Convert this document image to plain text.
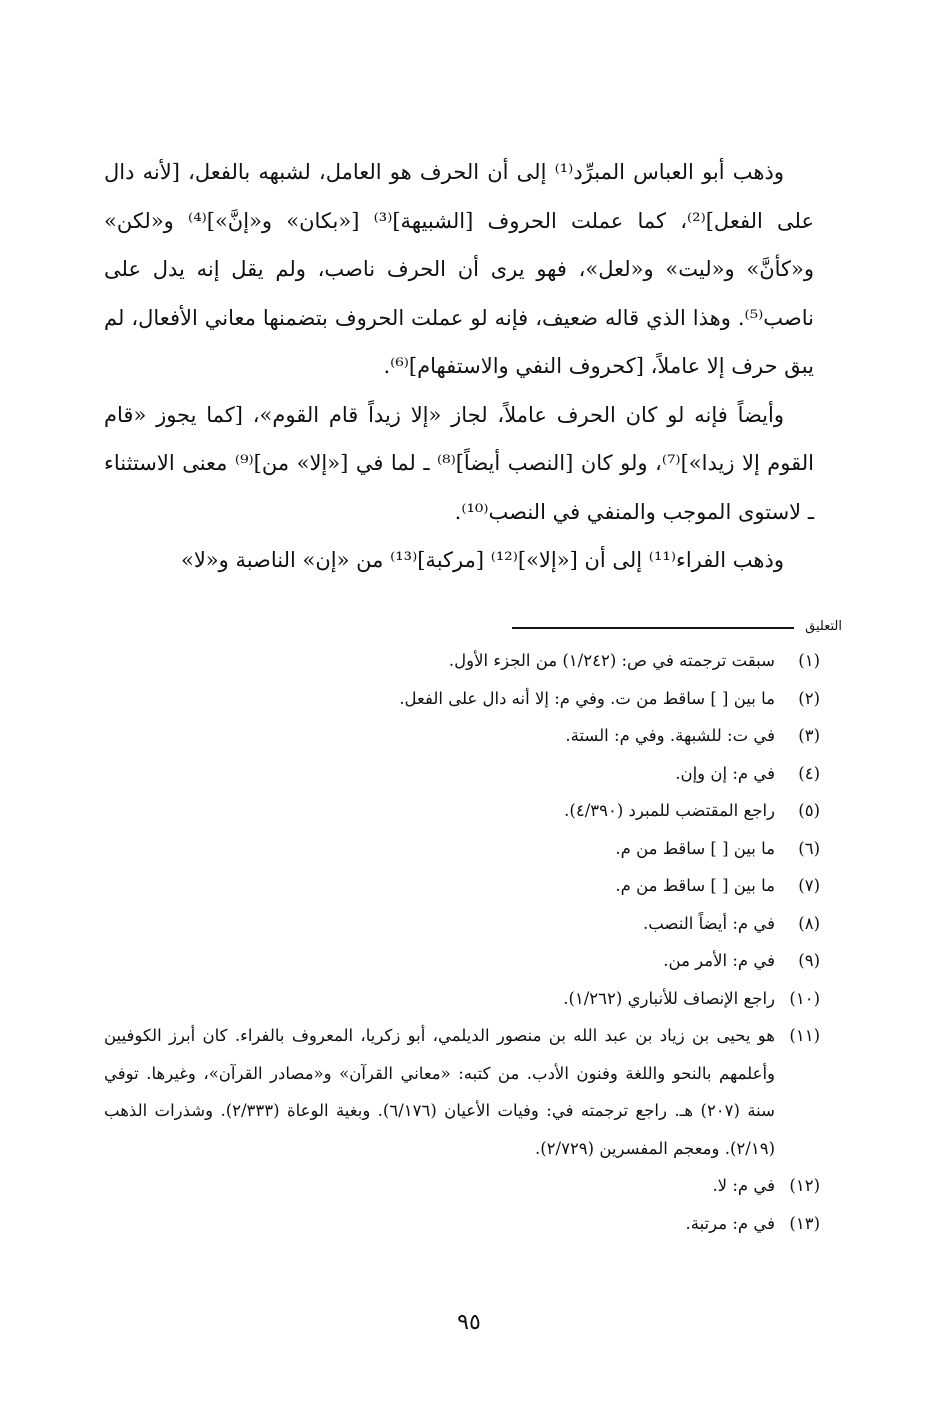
وذهب أبو العباس المبرِّد⁽¹⁾ إلى أن الحرف هو العامل، لشبهه بالفعل، [لأنه دال على الفعل]⁽²⁾، كما عملت الحروف [الشبيهة]⁽³⁾ [«بكان» و«إنَّ»]⁽⁴⁾ و«لكن» و«كأنَّ» و«ليت» و«لعل»، فهو يرى أن الحرف ناصب، ولم يقل إنه يدل على ناصب⁽⁵⁾. وهذا الذي قاله ضعيف، فإنه لو عملت الحروف بتضمنها معاني الأفعال، لم يبق حرف إلا عاملاً، [كحروف النفي والاستفهام]⁽⁶⁾.

وأيضاً فإنه لو كان الحرف عاملاً، لجاز «إلا زيداً قام القوم»، [كما يجوز «قام القوم إلا زيدا»]⁽⁷⁾، ولو كان [النصب أيضاً]⁽⁸⁾ ـ لما في [«إلا» من]⁽⁹⁾ معنى الاستثناء ـ لاستوى الموجب والمنفي في النصب⁽¹⁰⁾.

وذهب الفراء⁽¹¹⁾ إلى أن [«إلا»]⁽¹²⁾ [مركبة]⁽¹³⁾ من «إن» الناصبة و«لا»

التعليق
(١)
سبقت ترجمته في ص: (١/٢٤٢) من الجزء الأول.
(٢)
ما بين [ ] ساقط من ت. وفي م: إلا أنه دال على الفعل.
(٣)
في ت: للشبهة. وفي م: الستة.
(٤)
في م: إن وإن.
(٥)
راجع المقتضب للمبرد (٤/٣٩٠).
(٦)
ما بين [ ] ساقط من م.
(٧)
ما بين [ ] ساقط من م.
(٨)
في م: أيضاً النصب.
(٩)
في م: الأمر من.
(١٠)
راجع الإنصاف للأنباري (١/٢٦٢).
(١١)
هو يحيى بن زياد بن عبد الله بن منصور الديلمي، أبو زكريا، المعروف بالفراء. كان أبرز الكوفيين وأعلمهم بالنحو واللغة وفنون الأدب. من كتبه: «معاني القرآن» و«مصادر القرآن»، وغيرها. توفي سنة (٢٠٧) هـ. راجع ترجمته في: وفيات الأعيان (٦/١٧٦). وبغية الوعاة (٢/٣٣٣). وشذرات الذهب (٢/١٩). ومعجم المفسرين (٢/٧٢٩).
(١٢)
في م: لا.
(١٣)
في م: مرتبة.
٩٥
